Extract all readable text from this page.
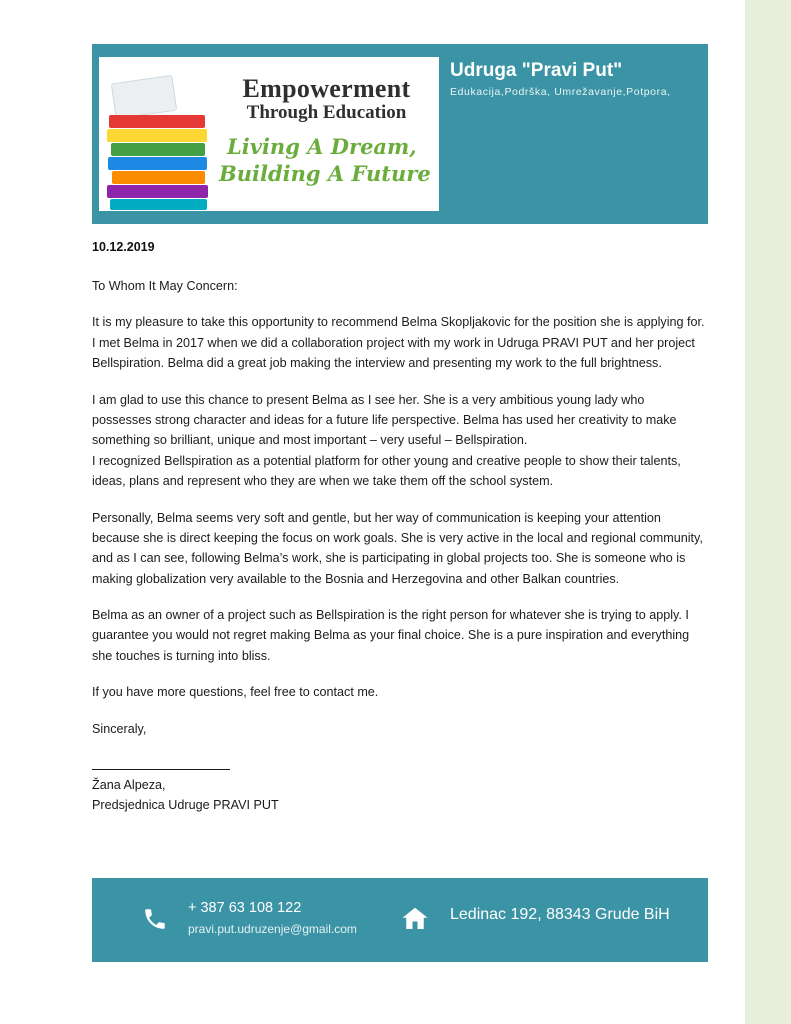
Empowerment
Through Education
Living A Dream,
Building A Future
Udruga "Pravi Put"
Edukacija,Podrška, Umrežavanje,Potpora,

10.12.2019

To Whom It May Concern:

It is my pleasure to take this opportunity to recommend Belma Skopljakovic for the position she is applying for. I met Belma in 2017 when we did a collaboration project with my work in Udruga PRAVI PUT and her project Bellspiration. Belma did a great job making the interview and presenting my work to the full brightness.

I am glad to use this chance to present Belma as I see her. She is a very ambitious young lady who possesses strong character and ideas for a future life perspective. Belma has used her creativity to make something so brilliant, unique and most important – very useful – Bellspiration.

I recognized Bellspiration as a potential platform for other young and creative people to show their talents, ideas, plans and represent who they are when we take them off the school system.

Personally, Belma seems very soft and gentle, but her way of communication is keeping your attention because she is direct keeping the focus on work goals. She is very active in the local and regional community, and as I can see, following Belma’s work, she is participating in global projects too. She is someone who is making globalization very available to the Bosnia and Herzegovina and other Balkan countries.

Belma as an owner of a project such as Bellspiration is the right person for whatever she is trying to apply. I guarantee you would not regret making Belma as your final choice. She is a pure inspiration and everything she touches is turning into bliss.

If you have more questions, feel free to contact me.

Sinceraly,

Žana Alpeza,

Predsjednica Udruge PRAVI PUT

+ 387 63 108 122
pravi.put.udruzenje@gmail.com
Ledinac 192, 88343 Grude BiH
